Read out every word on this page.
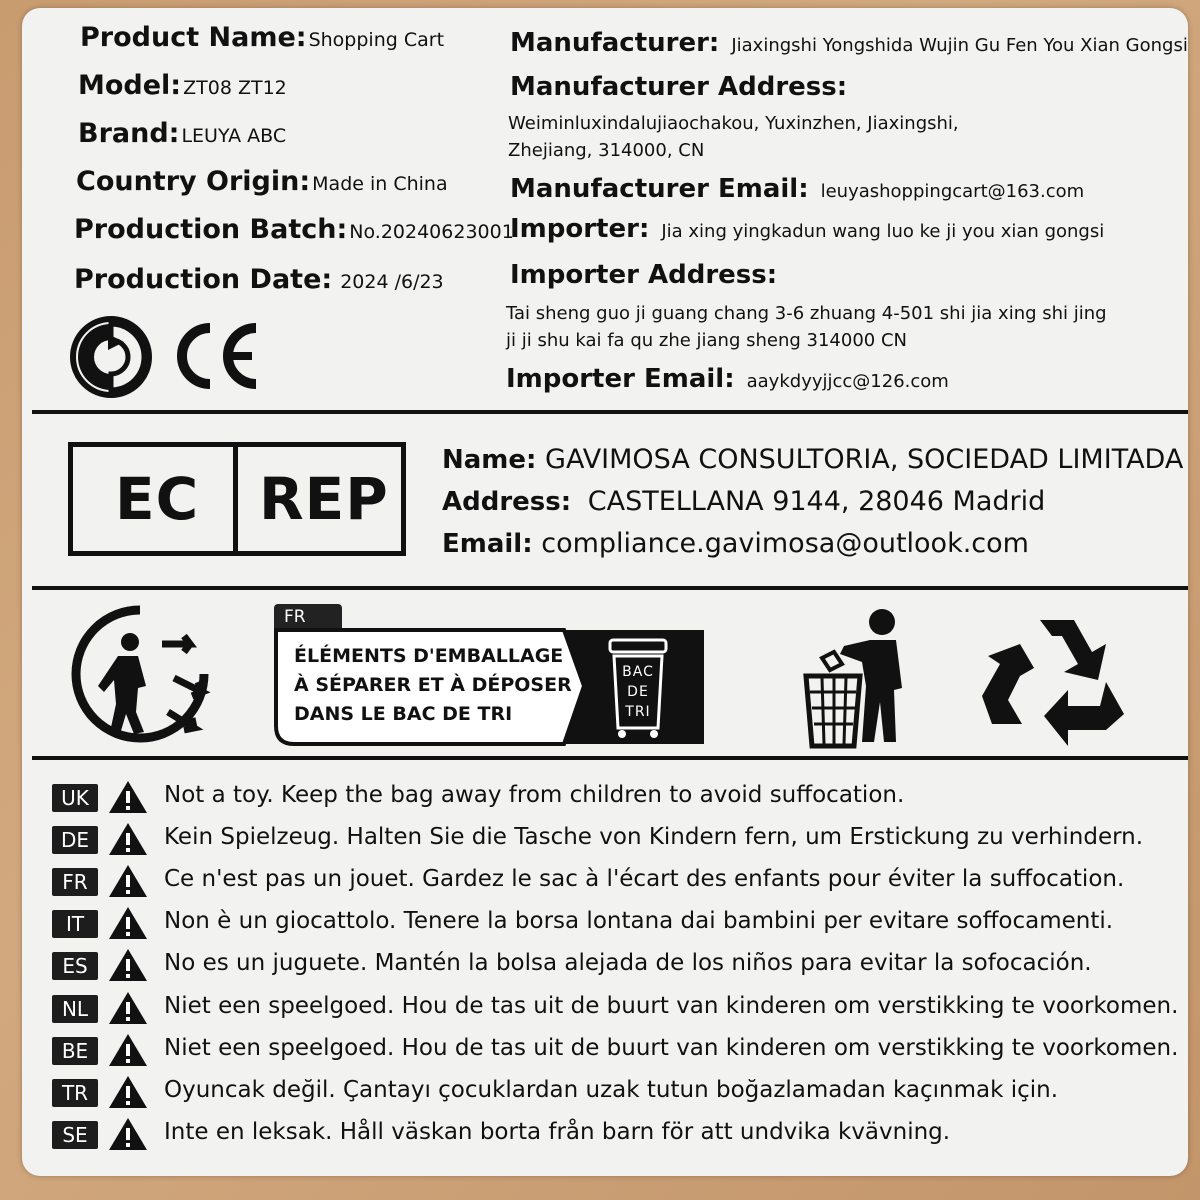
Product Name: Shopping Cart
Model: ZT08 ZT12
Brand: LEUYA ABC
Country Origin: Made in China
Production Batch: No.20240623001
Production Date: 2024 /6/23
Manufacturer: Jiaxingshi Yongshida Wujin Gu Fen You Xian Gongsi
Manufacturer Address:
Weiminluxindalujiaochakou, Yuxinzhen, Jiaxingshi,
Zhejiang, 314000, CN
Manufacturer Email: leuyashoppingcart@163.com
Importer: Jia xing yingkadun wang luo ke ji you xian gongsi
Importer Address:
Tai sheng guo ji guang chang 3-6 zhuang 4-501 shi jia xing shi jing
ji ji shu kai fa qu zhe jiang sheng 314000 CN
Importer Email: aaykdyyjjcc@126.com
EC REP
Name: GAVIMOSA CONSULTORIA, SOCIEDAD LIMITADA
Address: CASTELLANA 9144, 28046 Madrid
Email: compliance.gavimosa@outlook.com
FR
ÉLÉMENTS D'EMBALLAGE
À SÉPARER ET À DÉPOSER
DANS LE BAC DE TRI
BAC
DE
TRI
UK	Not a toy. Keep the bag away from children to avoid suffocation.
DE	Kein Spielzeug. Halten Sie die Tasche von Kindern fern, um Erstickung zu verhindern.
FR	Ce n'est pas un jouet. Gardez le sac à l'écart des enfants pour éviter la suffocation.
IT	Non è un giocattolo. Tenere la borsa lontana dai bambini per evitare soffocamenti.
ES	No es un juguete. Mantén la bolsa alejada de los niños para evitar la sofocación.
NL	Niet een speelgoed. Hou de tas uit de buurt van kinderen om verstikking te voorkomen.
BE	Niet een speelgoed. Hou de tas uit de buurt van kinderen om verstikking te voorkomen.
TR	Oyuncak değil. Çantayı çocuklardan uzak tutun boğazlamadan kaçınmak için.
SE	Inte en leksak. Håll väskan borta från barn för att undvika kvävning.
